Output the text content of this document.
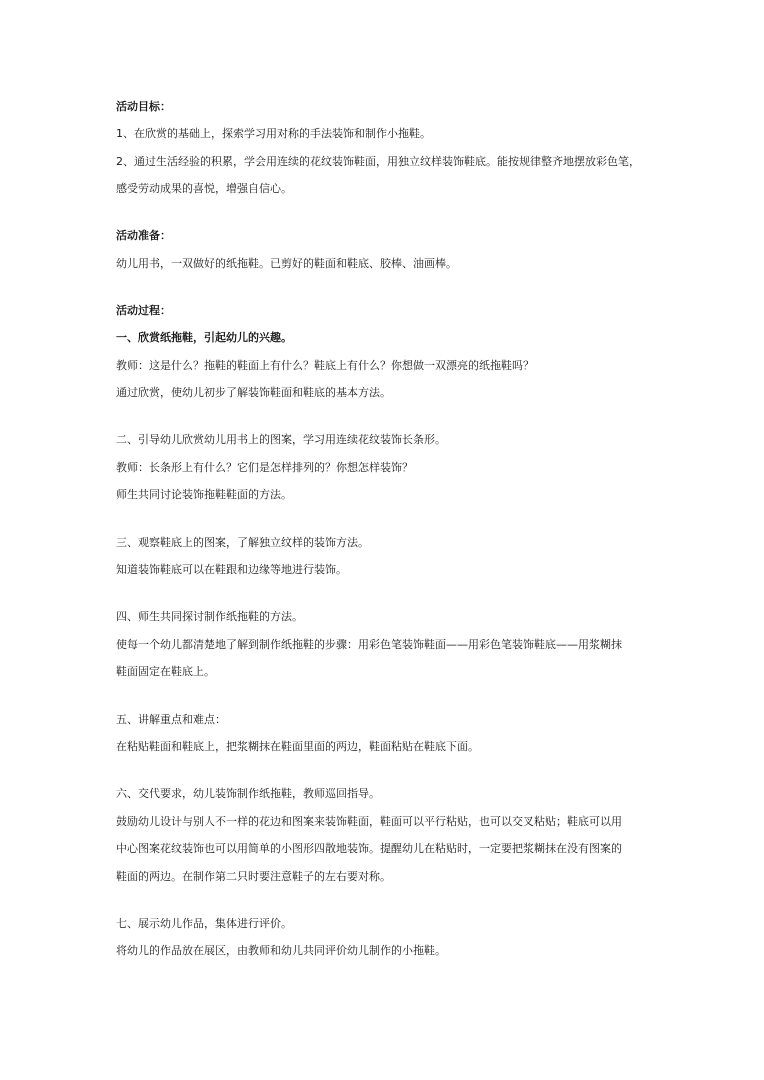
活动目标：
1、在欣赏的基础上，探索学习用对称的手法装饰和制作小拖鞋。
2、通过生活经验的积累，学会用连续的花纹装饰鞋面，用独立纹样装饰鞋底。能按规律整齐地摆放彩色笔，
感受劳动成果的喜悦，增强自信心。
活动准备：
幼儿用书，一双做好的纸拖鞋。已剪好的鞋面和鞋底、胶棒、油画棒。
活动过程：
一、欣赏纸拖鞋，引起幼儿的兴趣。
教师：这是什么？拖鞋的鞋面上有什么？鞋底上有什么？你想做一双漂亮的纸拖鞋吗？
通过欣赏，使幼儿初步了解装饰鞋面和鞋底的基本方法。
二、引导幼儿欣赏幼儿用书上的图案，学习用连续花纹装饰长条形。
教师：长条形上有什么？它们是怎样排列的？你想怎样装饰？
师生共同讨论装饰拖鞋鞋面的方法。
三、观察鞋底上的图案，了解独立纹样的装饰方法。
知道装饰鞋底可以在鞋跟和边缘等地进行装饰。
四、师生共同探讨制作纸拖鞋的方法。
使每一个幼儿都清楚地了解到制作纸拖鞋的步骤：用彩色笔装饰鞋面——用彩色笔装饰鞋底——用浆糊抹
鞋面固定在鞋底上。
五、讲解重点和难点：
在粘贴鞋面和鞋底上，把浆糊抹在鞋面里面的两边，鞋面粘贴在鞋底下面。
六、交代要求，幼儿装饰制作纸拖鞋，教师巡回指导。
鼓励幼儿设计与别人不一样的花边和图案来装饰鞋面，鞋面可以平行粘贴，也可以交叉粘贴；鞋底可以用
中心图案花纹装饰也可以用简单的小图形四散地装饰。提醒幼儿在粘贴时，一定要把浆糊抹在没有图案的
鞋面的两边。在制作第二只时要注意鞋子的左右要对称。
七、展示幼儿作品，集体进行评价。
将幼儿的作品放在展区，由教师和幼儿共同评价幼儿制作的小拖鞋。
